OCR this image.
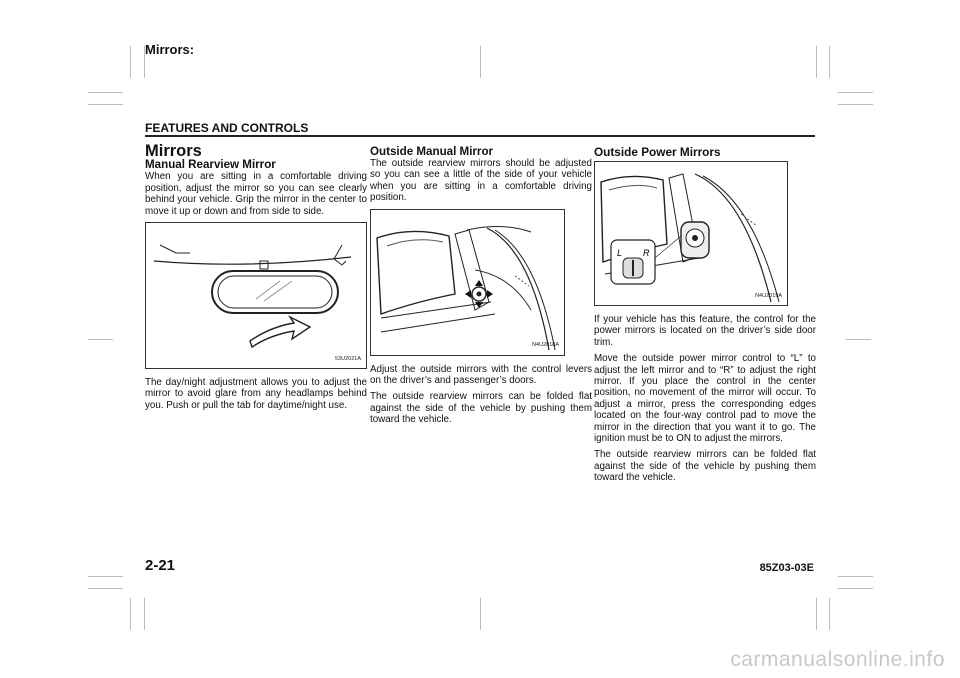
Mirrors:
FEATURES AND CONTROLS
Mirrors
Manual Rearview Mirror

When you are sitting in a comfortable driving position, adjust the mirror so you can see clearly behind your vehicle. Grip the mirror in the center to move it up or down and from side to side.

53U2021A

The day/night adjustment allows you to adjust the mirror to avoid glare from any headlamps behind you. Push or pull the tab for daytime/night use.

Outside Manual Mirror

The outside rearview mirrors should be adjusted so you can see a little of the side of your vehicle when you are sitting in a comfortable driving position.

N4U2018A

Adjust the outside mirrors with the control levers on the driver’s and passenger’s doors.

The outside rearview mirrors can be folded flat against the side of the vehicle by pushing them toward the vehicle.

Outside Power Mirrors
L R
N4U2019A

If your vehicle has this feature, the control for the power mirrors is located on the driver’s side door trim.

Move the outside power mirror control to “L” to adjust the left mirror and to “R” to adjust the right mirror. If you place the control in the center position, no movement of the mirror will occur. To adjust a mirror, press the corresponding edges located on the four-way control pad to move the mirror in the direction that you want it to go. The ignition must be to ON to adjust the mirrors.

The outside rearview mirrors can be folded flat against the side of the vehicle by pushing them toward the vehicle.

2-21	85Z03-03E
carmanualsonline.info
